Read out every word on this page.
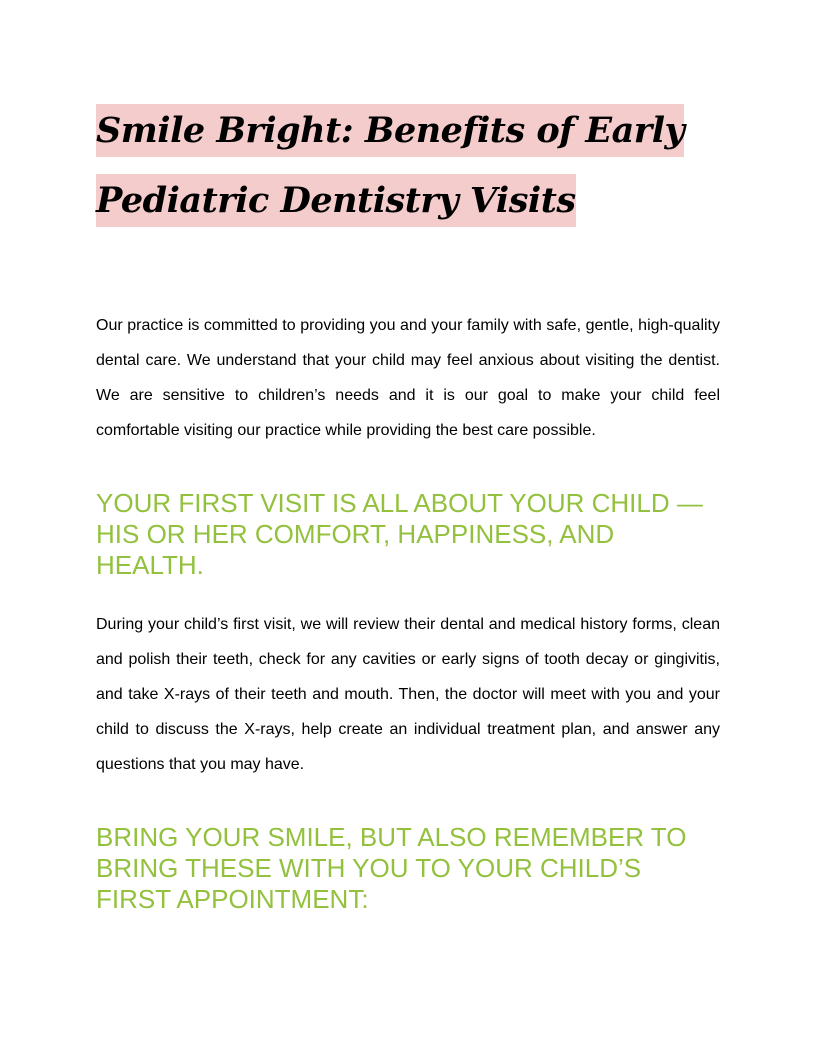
Smile Bright: Benefits of Early Pediatric Dentistry Visits

Our practice is committed to providing you and your family with safe, gentle, high-quality dental care. We understand that your child may feel anxious about visiting the dentist. We are sensitive to children’s needs and it is our goal to make your child feel comfortable visiting our practice while providing the best care possible.

YOUR FIRST VISIT IS ALL ABOUT YOUR CHILD — HIS OR HER COMFORT, HAPPINESS, AND HEALTH.

During your child’s first visit, we will review their dental and medical history forms, clean and polish their teeth, check for any cavities or early signs of tooth decay or gingivitis, and take X-rays of their teeth and mouth. Then, the doctor will meet with you and your child to discuss the X-rays, help create an individual treatment plan, and answer any questions that you may have.

BRING YOUR SMILE, BUT ALSO REMEMBER TO BRING THESE WITH YOU TO YOUR CHILD’S FIRST APPOINTMENT:
